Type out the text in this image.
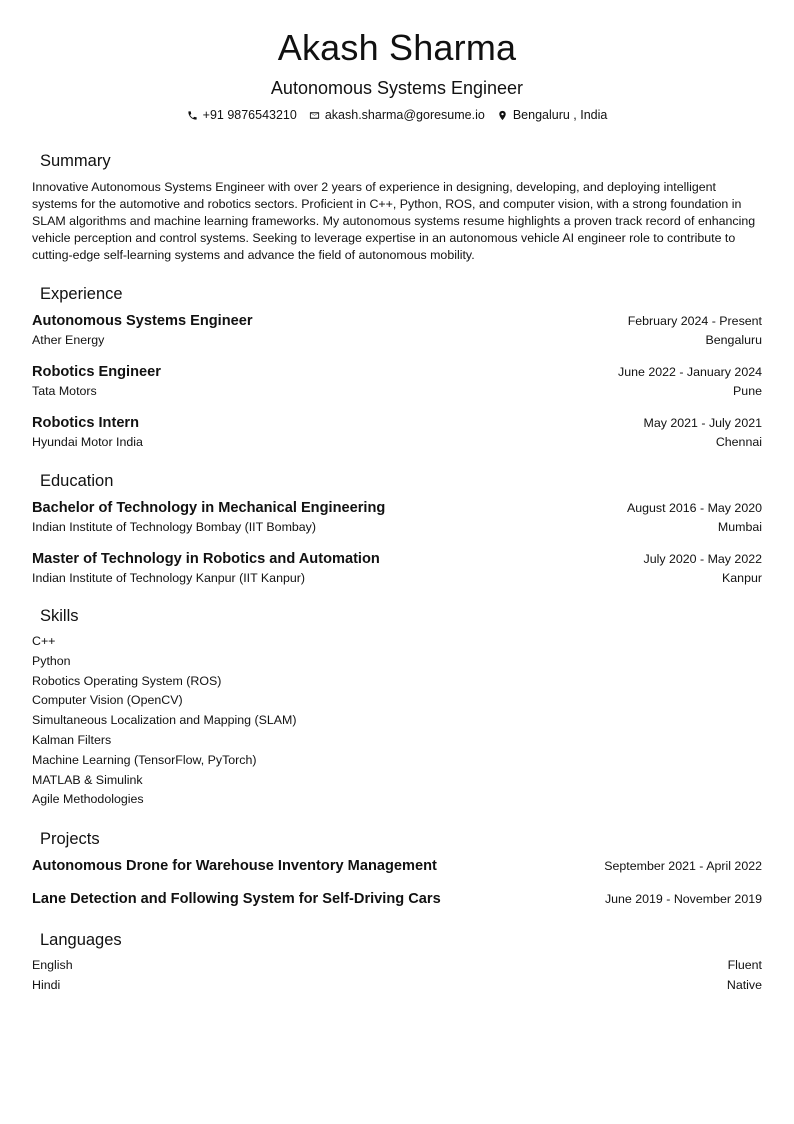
Akash Sharma
Autonomous Systems Engineer
+91 9876543210 akash.sharma@goresume.io Bengaluru , India
Summary
Innovative Autonomous Systems Engineer with over 2 years of experience in designing, developing, and deploying intelligent systems for the automotive and robotics sectors. Proficient in C++, Python, ROS, and computer vision, with a strong foundation in SLAM algorithms and machine learning frameworks. My autonomous systems resume highlights a proven track record of enhancing vehicle perception and control systems. Seeking to leverage expertise in an autonomous vehicle AI engineer role to contribute to cutting-edge self-learning systems and advance the field of autonomous mobility.
Experience
Autonomous Systems Engineer	February 2024 - Present
Ather Energy	Bengaluru
Robotics Engineer	June 2022 - January 2024
Tata Motors	Pune
Robotics Intern	May 2021 - July 2021
Hyundai Motor India	Chennai
Education
Bachelor of Technology in Mechanical Engineering	August 2016 - May 2020
Indian Institute of Technology Bombay (IIT Bombay)	Mumbai
Master of Technology in Robotics and Automation	July 2020 - May 2022
Indian Institute of Technology Kanpur (IIT Kanpur)	Kanpur
Skills
C++
Python
Robotics Operating System (ROS)
Computer Vision (OpenCV)
Simultaneous Localization and Mapping (SLAM)
Kalman Filters
Machine Learning (TensorFlow, PyTorch)
MATLAB & Simulink
Agile Methodologies
Projects
Autonomous Drone for Warehouse Inventory Management	September 2021 - April 2022
Lane Detection and Following System for Self-Driving Cars	June 2019 - November 2019
Languages
English	Fluent
Hindi	Native
